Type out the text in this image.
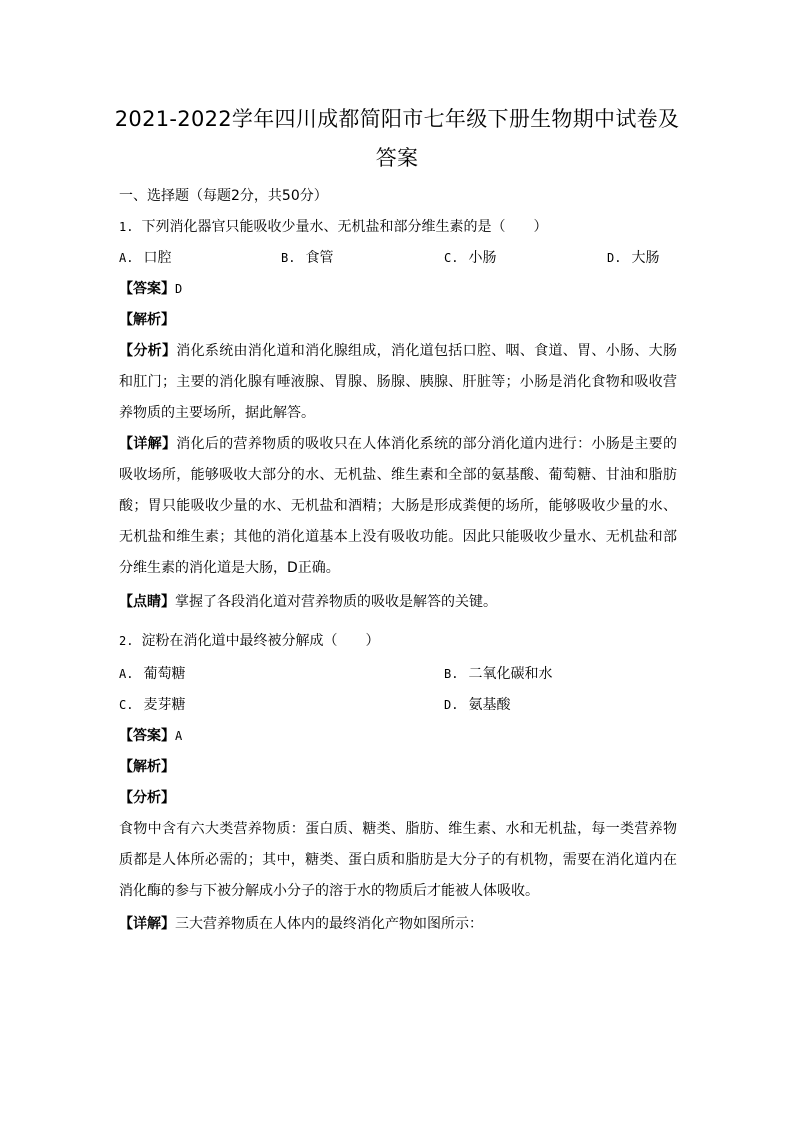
2021-2022学年四川成都简阳市七年级下册生物期中试卷及
答案
一、选择题（每题2分，共50分）
1. 下列消化器官只能吸收少量水、无机盐和部分维生素的是（　　）
A. 口腔	B. 食管	C. 小肠	D. 大肠
【答案】D
【解析】
【分析】消化系统由消化道和消化腺组成，消化道包括口腔、咽、食道、胃、小肠、大肠和肛门；主要的消化腺有唾液腺、胃腺、肠腺、胰腺、肝脏等；小肠是消化食物和吸收营养物质的主要场所，据此解答。
【详解】消化后的营养物质的吸收只在人体消化系统的部分消化道内进行：小肠是主要的吸收场所，能够吸收大部分的水、无机盐、维生素和全部的氨基酸、葡萄糖、甘油和脂肪酸；胃只能吸收少量的水、无机盐和酒精；大肠是形成粪便的场所，能够吸收少量的水、无机盐和维生素；其他的消化道基本上没有吸收功能。因此只能吸收少量水、无机盐和部分维生素的消化道是大肠，D正确。
【点睛】掌握了各段消化道对营养物质的吸收是解答的关键。
2. 淀粉在消化道中最终被分解成（　　）
A. 葡萄糖	B. 二氧化碳和水
C. 麦芽糖	D. 氨基酸
【答案】A
【解析】
【分析】
食物中含有六大类营养物质：蛋白质、糖类、脂肪、维生素、水和无机盐，每一类营养物质都是人体所必需的；其中，糖类、蛋白质和脂肪是大分子的有机物，需要在消化道内在消化酶的参与下被分解成小分子的溶于水的物质后才能被人体吸收。
【详解】三大营养物质在人体内的最终消化产物如图所示：
